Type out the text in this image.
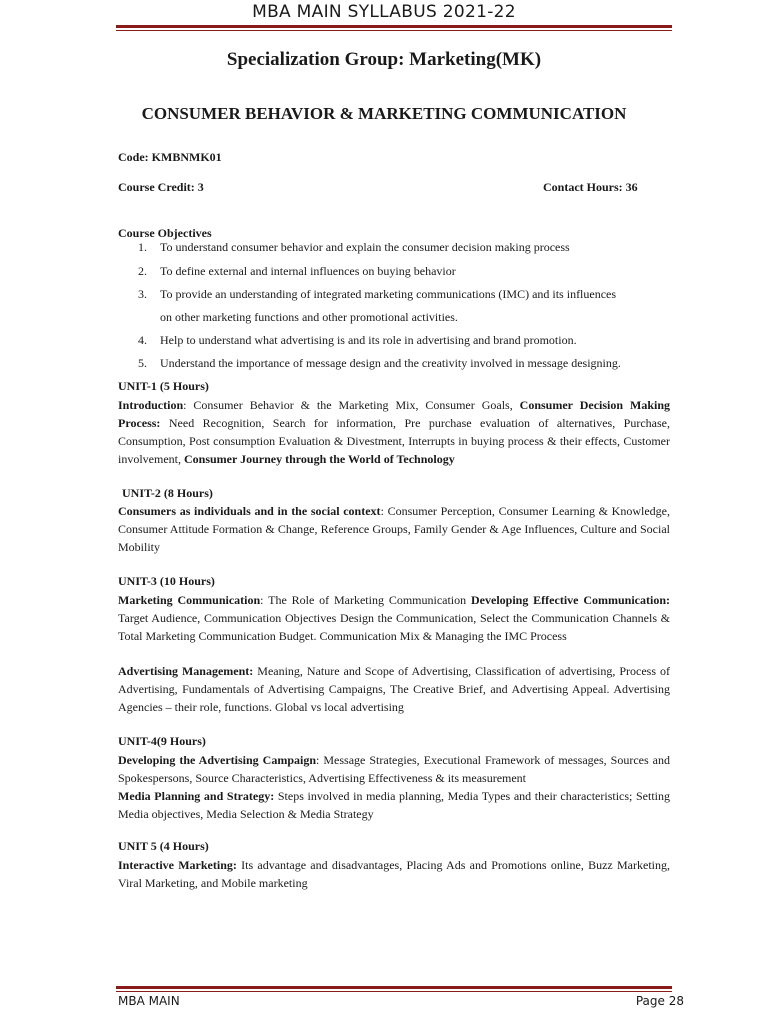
MBA MAIN SYLLABUS 2021-22
Specialization Group: Marketing(MK)
CONSUMER BEHAVIOR & MARKETING COMMUNICATION
Code: KMBNMK01
Course Credit: 3	Contact Hours: 36
Course Objectives
1. To understand consumer behavior and explain the consumer decision making process
2. To define external and internal influences on buying behavior
3. To provide an understanding of integrated marketing communications (IMC) and its influences
on other marketing functions and other promotional activities.
4. Help to understand what advertising is and its role in advertising and brand promotion.
5. Understand the importance of message design and the creativity involved in message designing.
UNIT-1 (5 Hours)

Introduction: Consumer Behavior & the Marketing Mix, Consumer Goals, Consumer Decision Making Process: Need Recognition, Search for information, Pre purchase evaluation of alternatives, Purchase, Consumption, Post consumption Evaluation & Divestment, Interrupts in buying process & their effects, Customer involvement, Consumer Journey through the World of Technology

UNIT-2 (8 Hours)

Consumers as individuals and in the social context: Consumer Perception, Consumer Learning & Knowledge, Consumer Attitude Formation & Change, Reference Groups, Family Gender & Age Influences, Culture and Social Mobility

UNIT-3 (10 Hours)

Marketing Communication: The Role of Marketing Communication Developing Effective Communication: Target Audience, Communication Objectives Design the Communication, Select the Communication Channels & Total Marketing Communication Budget. Communication Mix & Managing the IMC Process

Advertising Management: Meaning, Nature and Scope of Advertising, Classification of advertising, Process of Advertising, Fundamentals of Advertising Campaigns, The Creative Brief, and Advertising Appeal. Advertising Agencies – their role, functions. Global vs local advertising

UNIT-4(9 Hours)

Developing the Advertising Campaign: Message Strategies, Executional Framework of messages, Sources and Spokespersons, Source Characteristics, Advertising Effectiveness & its measurement

Media Planning and Strategy: Steps involved in media planning, Media Types and their characteristics; Setting Media objectives, Media Selection & Media Strategy

UNIT 5 (4 Hours)

Interactive Marketing: Its advantage and disadvantages, Placing Ads and Promotions online, Buzz Marketing, Viral Marketing, and Mobile marketing

MBA MAIN	Page 28
